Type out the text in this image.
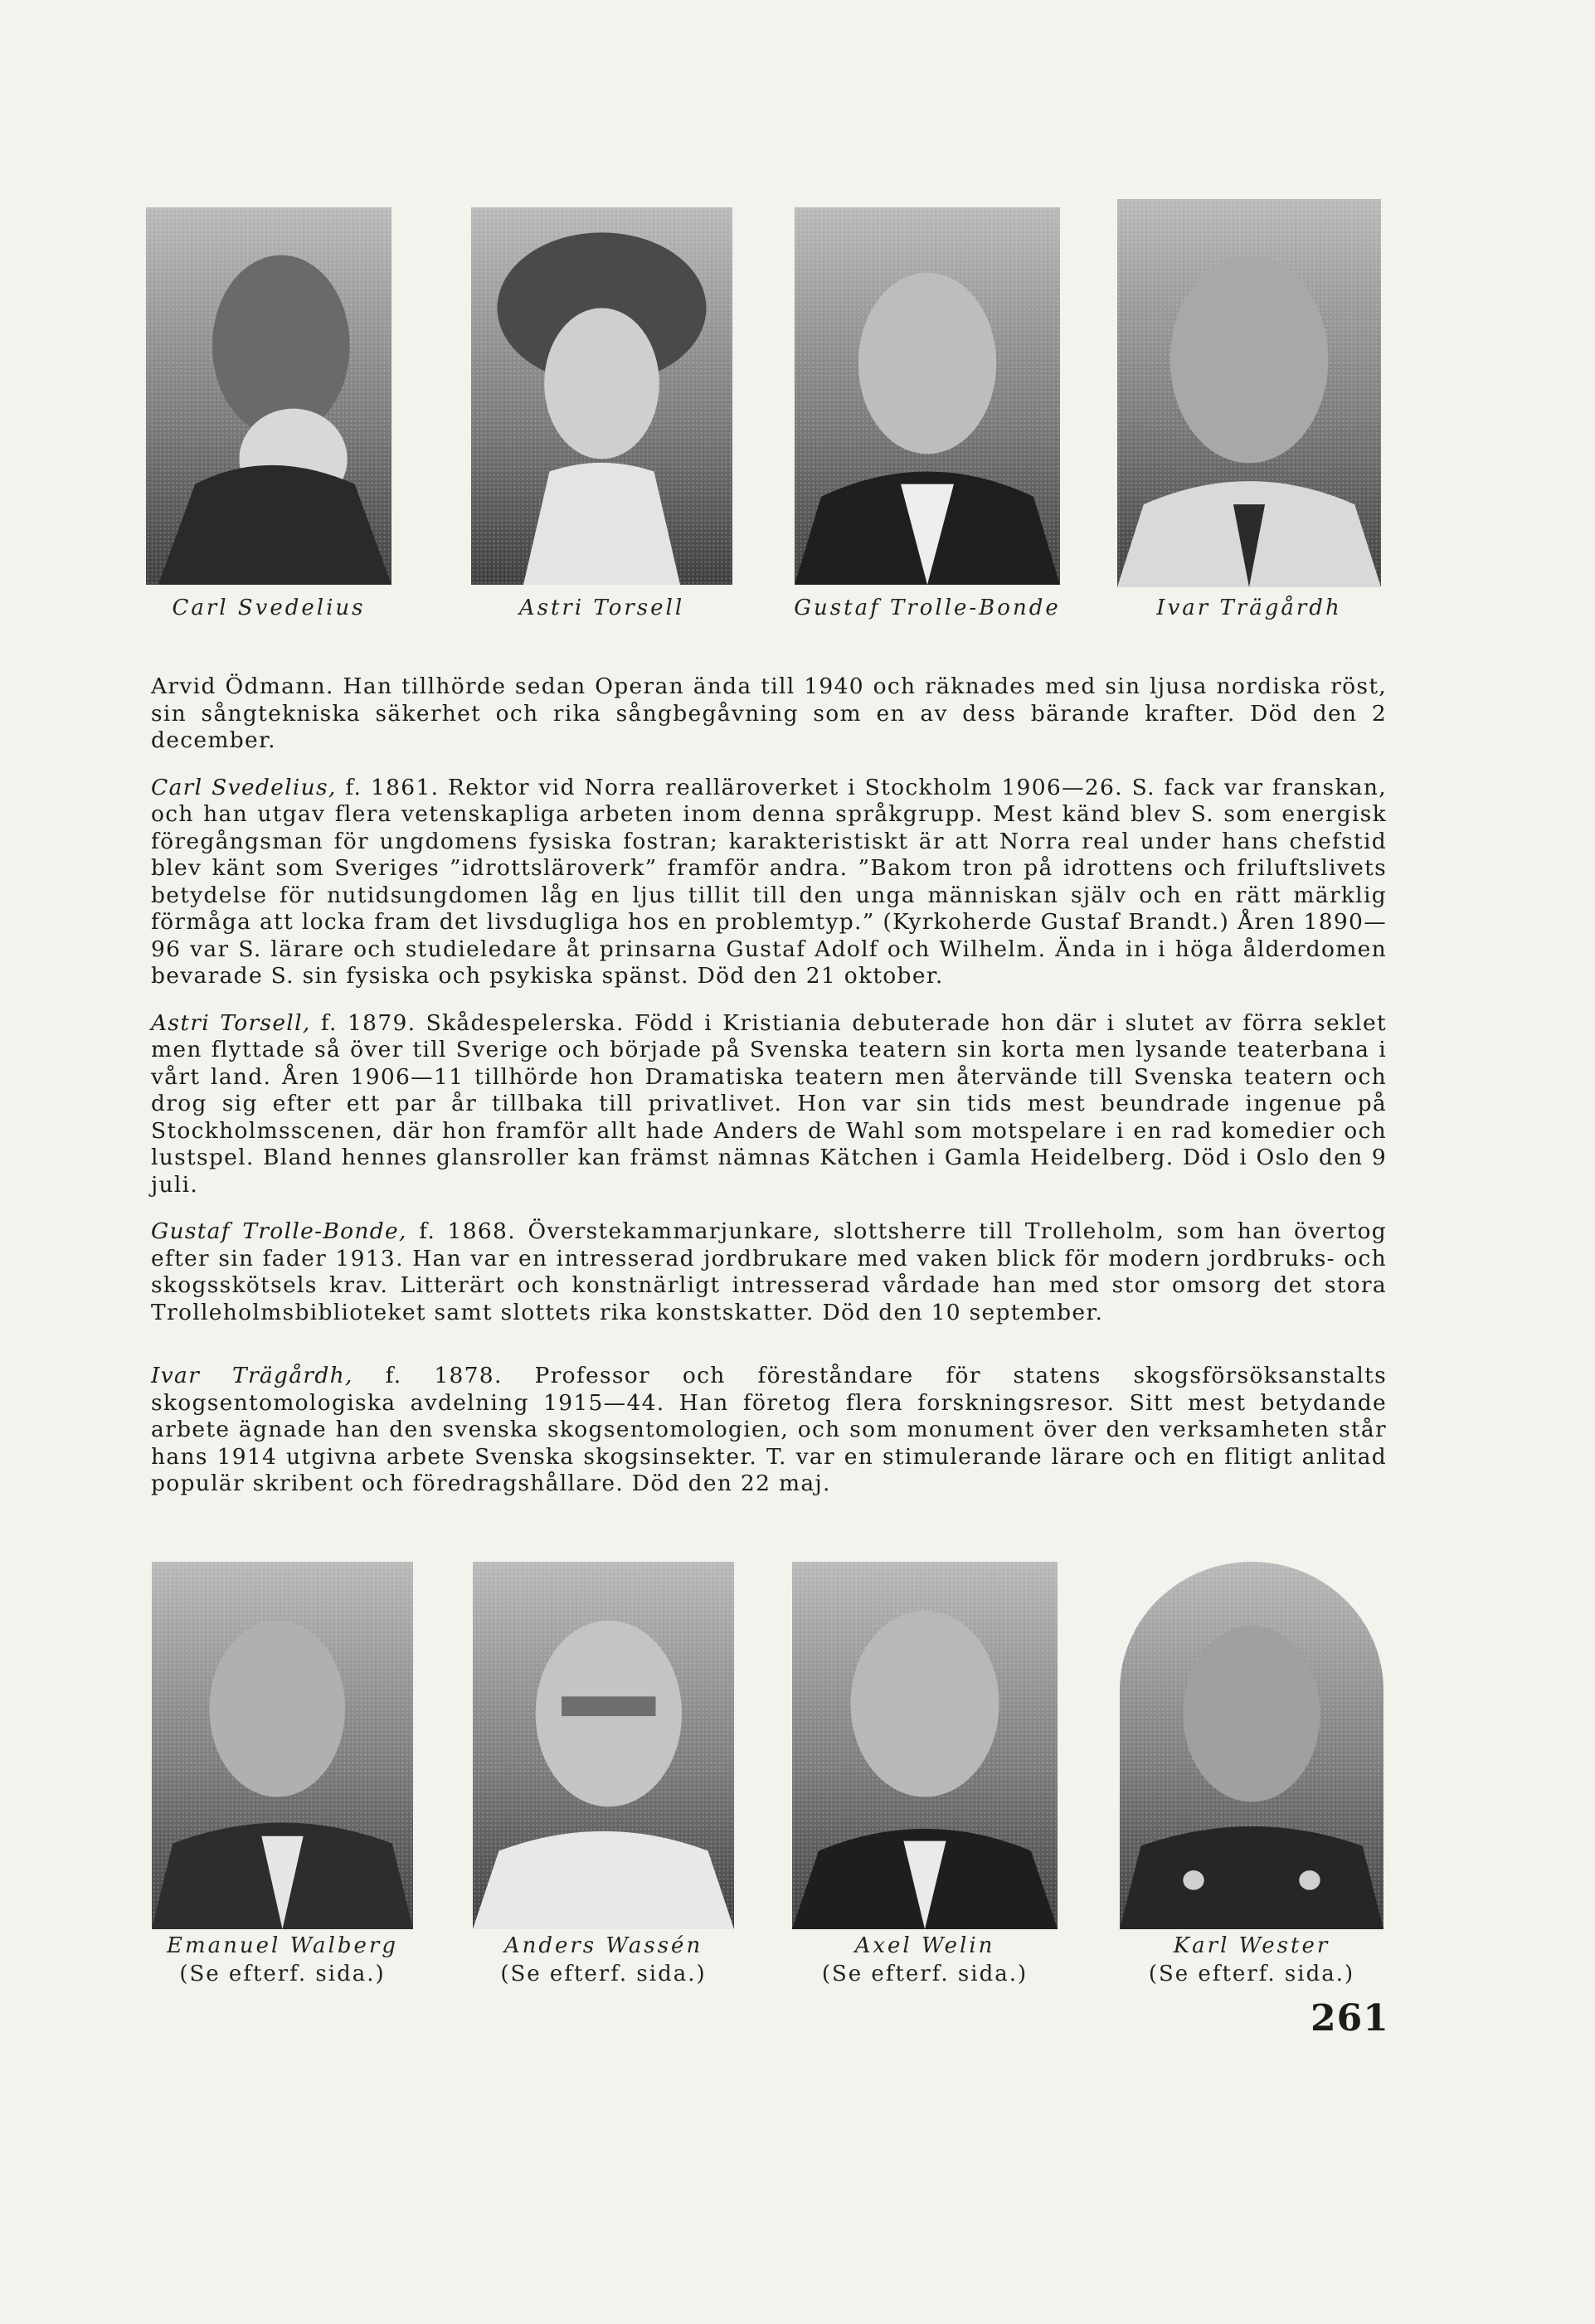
Carl Svedelius	Astri Torsell	Gustaf Trolle-Bonde	Ivar Trägårdh

Arvid Ödmann. Han tillhörde sedan Operan ända till 1940 och räknades med sin ljusa nordiska röst, sin sångtekniska säkerhet och rika sångbegåvning som en av dess bärande krafter. Död den 2 december.

Carl Svedelius, f. 1861. Rektor vid Norra realläroverket i Stockholm 1906—26. S. fack var franskan, och han utgav flera vetenskapliga arbeten inom denna språkgrupp. Mest känd blev S. som energisk föregångsman för ungdomens fysiska fostran; karakteristiskt är att Norra real under hans chefstid blev känt som Sveriges ”idrottsläroverk” framför andra. ”Bakom tron på idrottens och friluftslivets betydelse för nutidsungdomen låg en ljus tillit till den unga människan själv och en rätt märklig förmåga att locka fram det livsdugliga hos en problemtyp.” (Kyrkoherde Gustaf Brandt.) Åren 1890—96 var S. lärare och studieledare åt prinsarna Gustaf Adolf och Wilhelm. Ända in i höga ålderdomen bevarade S. sin fysiska och psykiska spänst. Död den 21 oktober.

Astri Torsell, f. 1879. Skådespelerska. Född i Kristiania debuterade hon där i slutet av förra seklet men flyttade så över till Sverige och började på Svenska teatern sin korta men lysande teaterbana i vårt land. Åren 1906—11 tillhörde hon Dramatiska teatern men återvände till Svenska teatern och drog sig efter ett par år tillbaka till privatlivet. Hon var sin tids mest beundrade ingenue på Stockholmsscenen, där hon framför allt hade Anders de Wahl som motspelare i en rad komedier och lustspel. Bland hennes glansroller kan främst nämnas Kätchen i Gamla Heidelberg. Död i Oslo den 9 juli.

Gustaf Trolle-Bonde, f. 1868. Överstekammarjunkare, slottsherre till Trolleholm, som han övertog efter sin fader 1913. Han var en intresserad jordbrukare med vaken blick för modern jordbruks- och skogsskötsels krav. Litterärt och konstnärligt intresserad vårdade han med stor omsorg det stora Trolleholmsbiblioteket samt slottets rika konstskatter. Död den 10 september.

Ivar Trägårdh, f. 1878. Professor och föreståndare för statens skogsförsöksanstalts skogsentomologiska avdelning 1915—44. Han företog flera forskningsresor. Sitt mest betydande arbete ägnade han den svenska skogsentomologien, och som monument över den verksamheten står hans 1914 utgivna arbete Svenska skogsinsekter. T. var en stimulerande lärare och en flitigt anlitad populär skribent och föredragshållare. Död den 22 maj.

Emanuel Walberg
(Se efterf. sida.)
Anders Wassén
(Se efterf. sida.)
Axel Welin
(Se efterf. sida.)
Karl Wester
(Se efterf. sida.)
261
